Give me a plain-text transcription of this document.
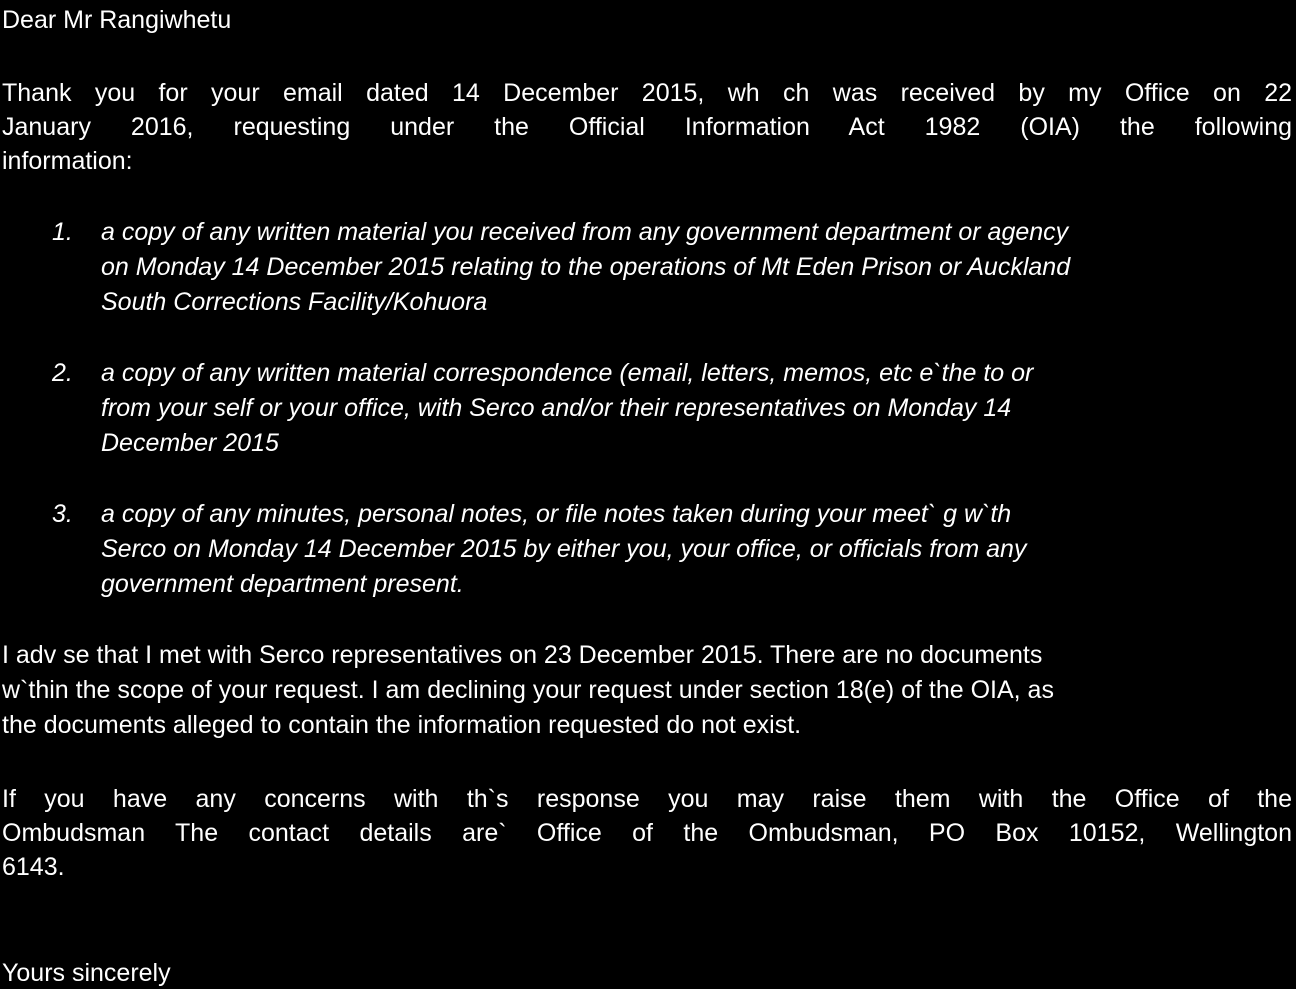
Dear Mr Rangiwhetu
Thank you for your email dated 14 December 2015, wh ch was received by my Office on 22
January 2016, requesting under the Official Information Act 1982 (OIA) the following
information:
1. a copy of any written material you received from any government department or agency
on Monday 14 December 2015 relating to the operations of Mt Eden Prison or Auckland
South Corrections Facility/Kohuora
2. a copy of any written material correspondence (email, letters, memos, etc e`the to or
from your self or your office, with Serco and/or their representatives on Monday 14
December 2015
3. a copy of any minutes, personal notes, or file notes taken during your meet` g w`th
Serco on Monday 14 December 2015 by either you, your office, or officials from any
government department present.
I adv se that I met with Serco representatives on 23 December 2015. There are no documents
w`thin the scope of your request. I am declining your request under section 18(e) of the OIA, as
the documents alleged to contain the information requested do not exist.
If you have any concerns with th`s response you may raise them with the Office of the
Ombudsman The contact details are` Office of the Ombudsman, PO Box 10152, Wellington
6143.
Yours sincerely
